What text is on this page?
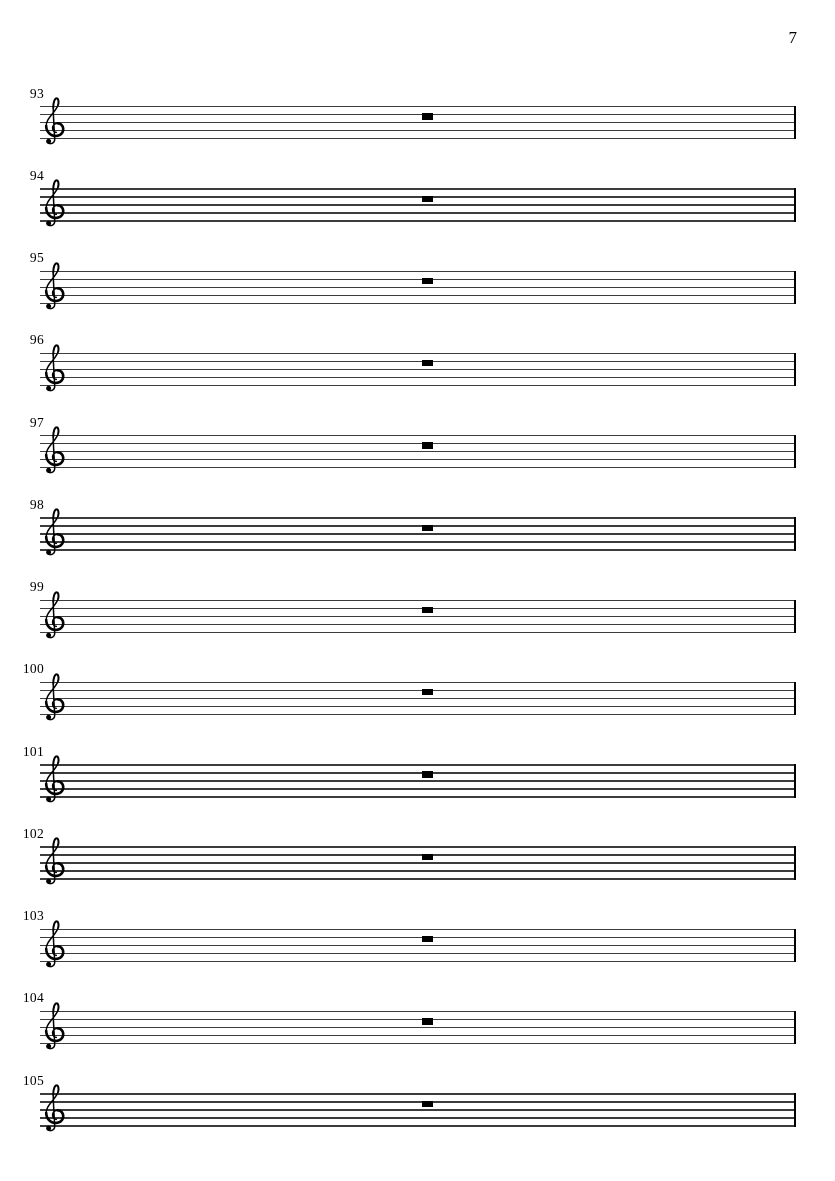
7
93
94
95
96
97
98
99
100
101
102
103
104
105
